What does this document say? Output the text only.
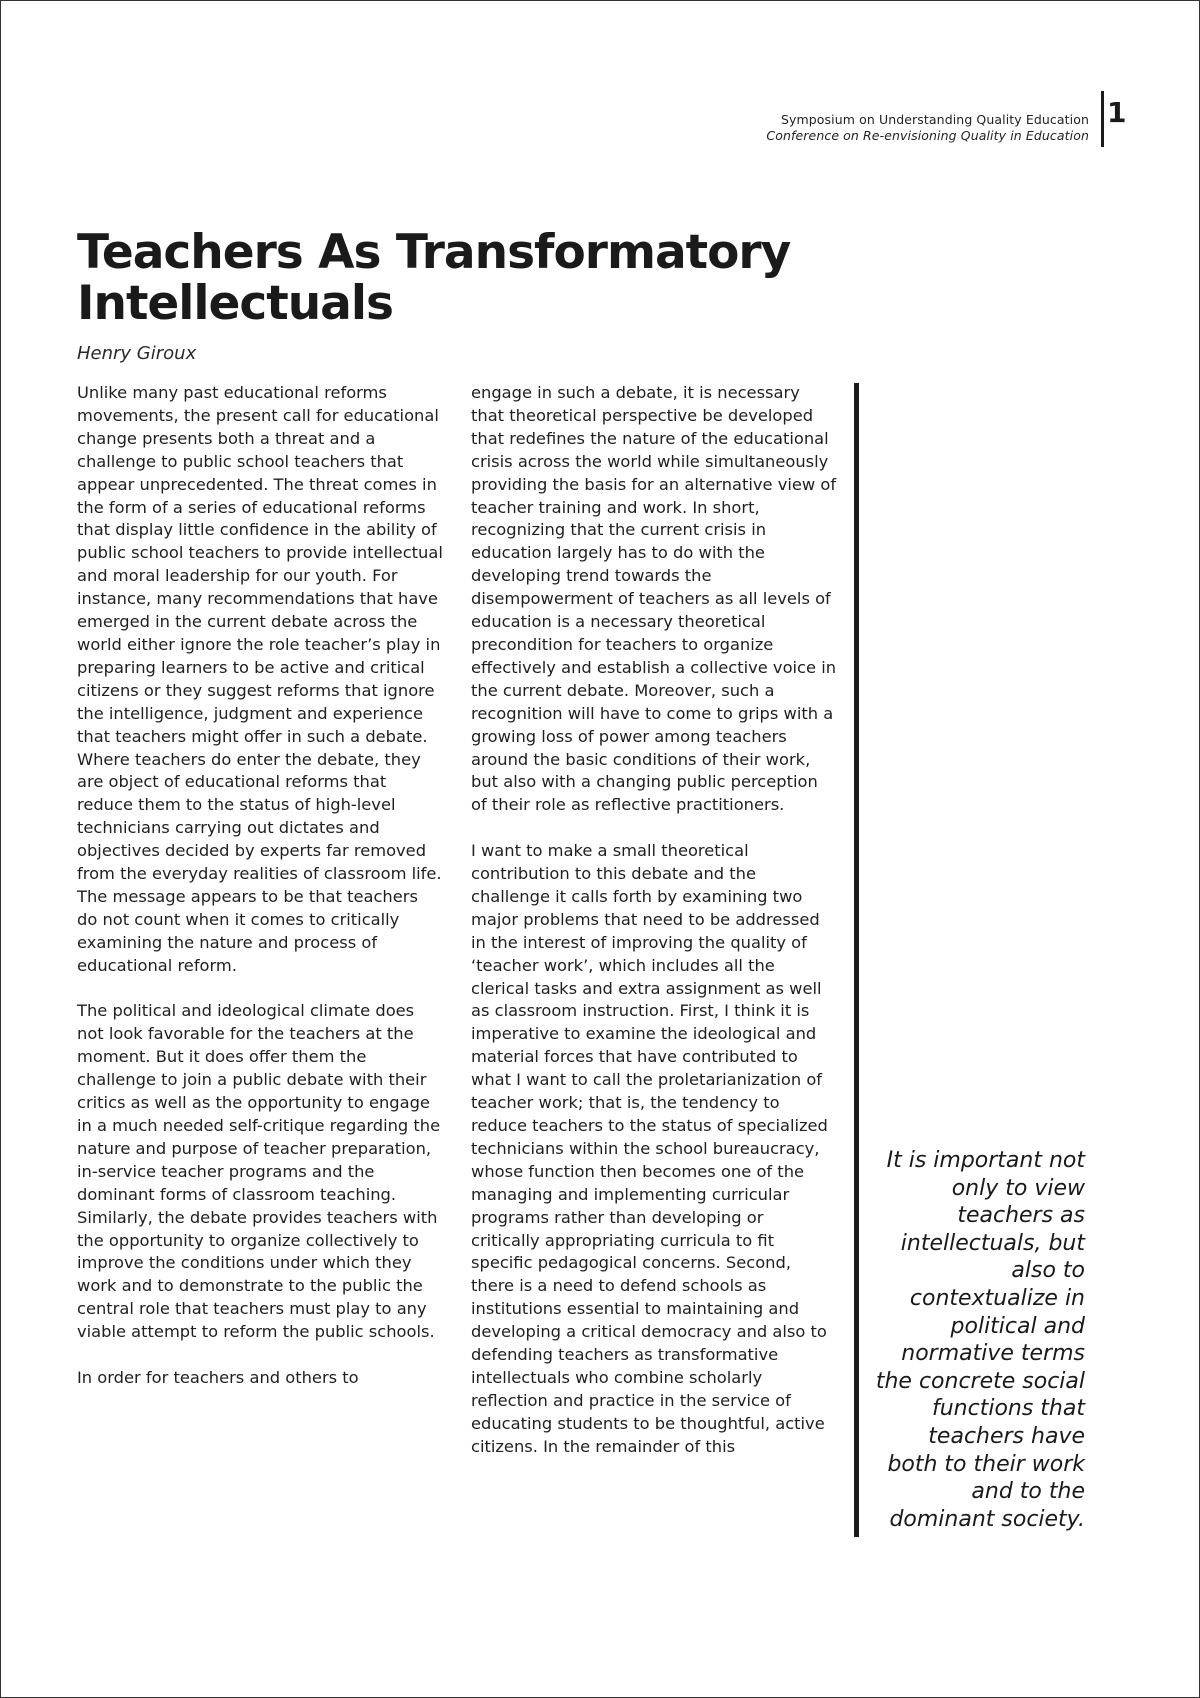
Symposium on Understanding Quality Education
Conference on Re-envisioning Quality in Education
1
Teachers As Transformatory Intellectuals
Henry Giroux

Unlike many past educational reforms movements, the present call for educational change presents both a threat and a challenge to public school teachers that appear unprecedented. The threat comes in the form of a series of educational reforms that display little confidence in the ability of public school teachers to provide intellectual and moral leadership for our youth. For instance, many recommendations that have emerged in the current debate across the world either ignore the role teacher’s play in preparing learners to be active and critical citizens or they suggest reforms that ignore the intelligence, judgment and experience that teachers might offer in such a debate. Where teachers do enter the debate, they are object of educational reforms that reduce them to the status of high-level technicians carrying out dictates and objectives decided by experts far removed from the everyday realities of classroom life. The message appears to be that teachers do not count when it comes to critically examining the nature and process of educational reform.

The political and ideological climate does not look favorable for the teachers at the moment. But it does offer them the challenge to join a public debate with their critics as well as the opportunity to engage in a much needed self-critique regarding the nature and purpose of teacher preparation, in-service teacher programs and the dominant forms of classroom teaching. Similarly, the debate provides teachers with the opportunity to organize collectively to improve the conditions under which they work and to demonstrate to the public the central role that teachers must play to any viable attempt to reform the public schools.

In order for teachers and others to

engage in such a debate, it is necessary that theoretical perspective be developed that redefines the nature of the educational crisis across the world while simultaneously providing the basis for an alternative view of teacher training and work. In short, recognizing that the current crisis in education largely has to do with the developing trend towards the disempowerment of teachers as all levels of education is a necessary theoretical precondition for teachers to organize effectively and establish a collective voice in the current debate. Moreover, such a recognition will have to come to grips with a growing loss of power among teachers around the basic conditions of their work, but also with a changing public perception of their role as reflective practitioners.

I want to make a small theoretical contribution to this debate and the challenge it calls forth by examining two major problems that need to be addressed in the interest of improving the quality of ‘teacher work’, which includes all the clerical tasks and extra assignment as well as classroom instruction. First, I think it is imperative to examine the ideological and material forces that have contributed to what I want to call the proletarianization of teacher work; that is, the tendency to reduce teachers to the status of specialized technicians within the school bureaucracy, whose function then becomes one of the managing and implementing curricular programs rather than developing or critically appropriating curricula to fit specific pedagogical concerns. Second, there is a need to defend schools as institutions essential to maintaining and developing a critical democracy and also to defending teachers as transformative intellectuals who combine scholarly reflection and practice in the service of educating students to be thoughtful, active citizens. In the remainder of this

It is important not only to view teachers as intellectuals, but also to contextualize in political and normative terms the concrete social functions that teachers have both to their work and to the dominant society.
